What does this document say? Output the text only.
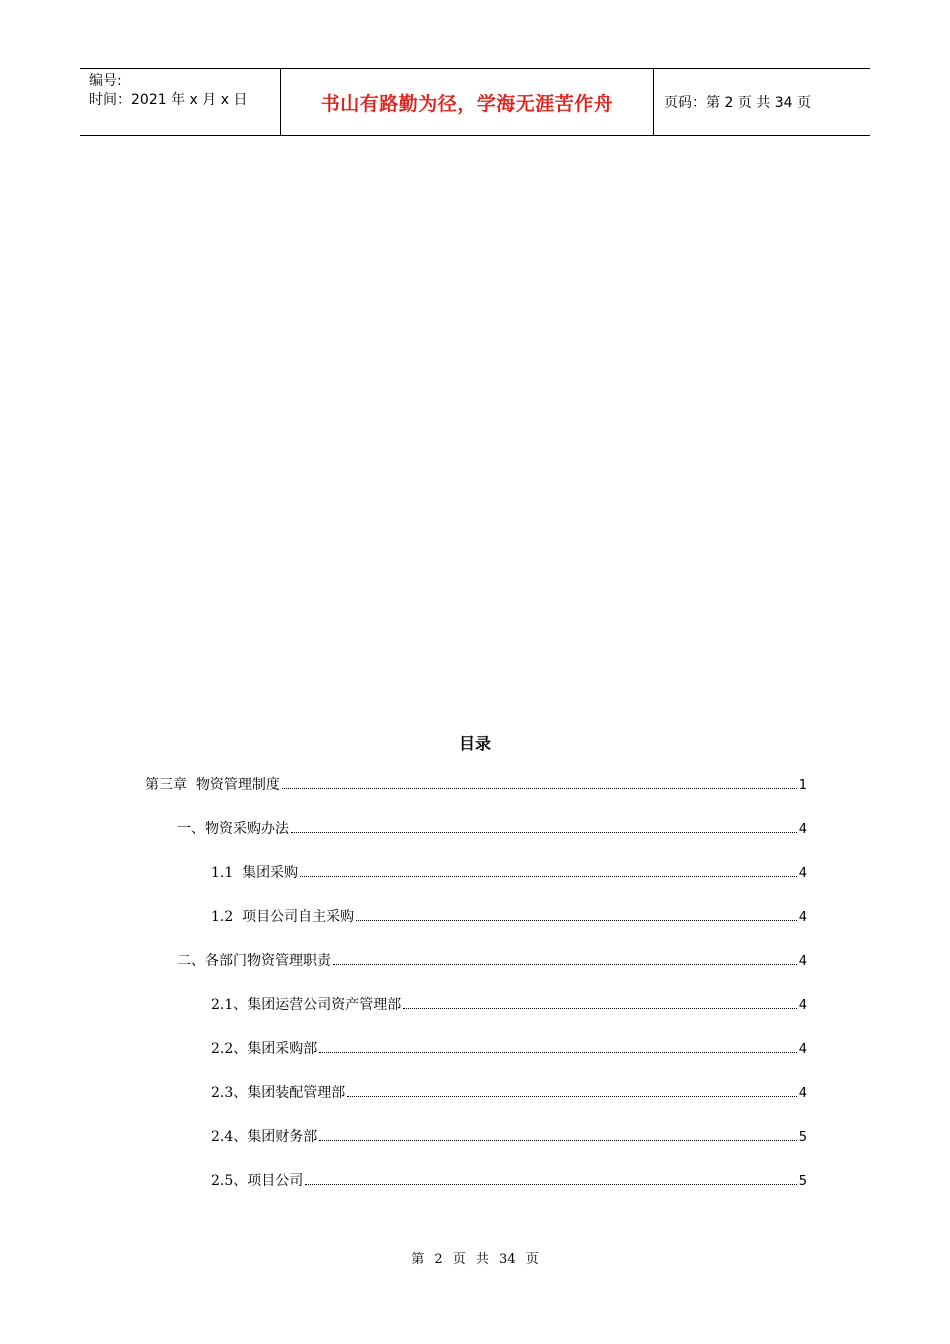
编号:
时间：2021 年 x 月 x 日	书山有路勤为径，学海无涯苦作舟	页码：第 2 页 共 34 页
目录
第三章  物资管理制度	1
一、物资采购办法	4
1.1  集团采购	4
1.2  项目公司自主采购	4
二、各部门物资管理职责	4
2.1、集团运营公司资产管理部	4
2.2、集团采购部	4
2.3、集团装配管理部	4
2.4、集团财务部	5
2.5、项目公司	5
第 2 页 共 34 页
